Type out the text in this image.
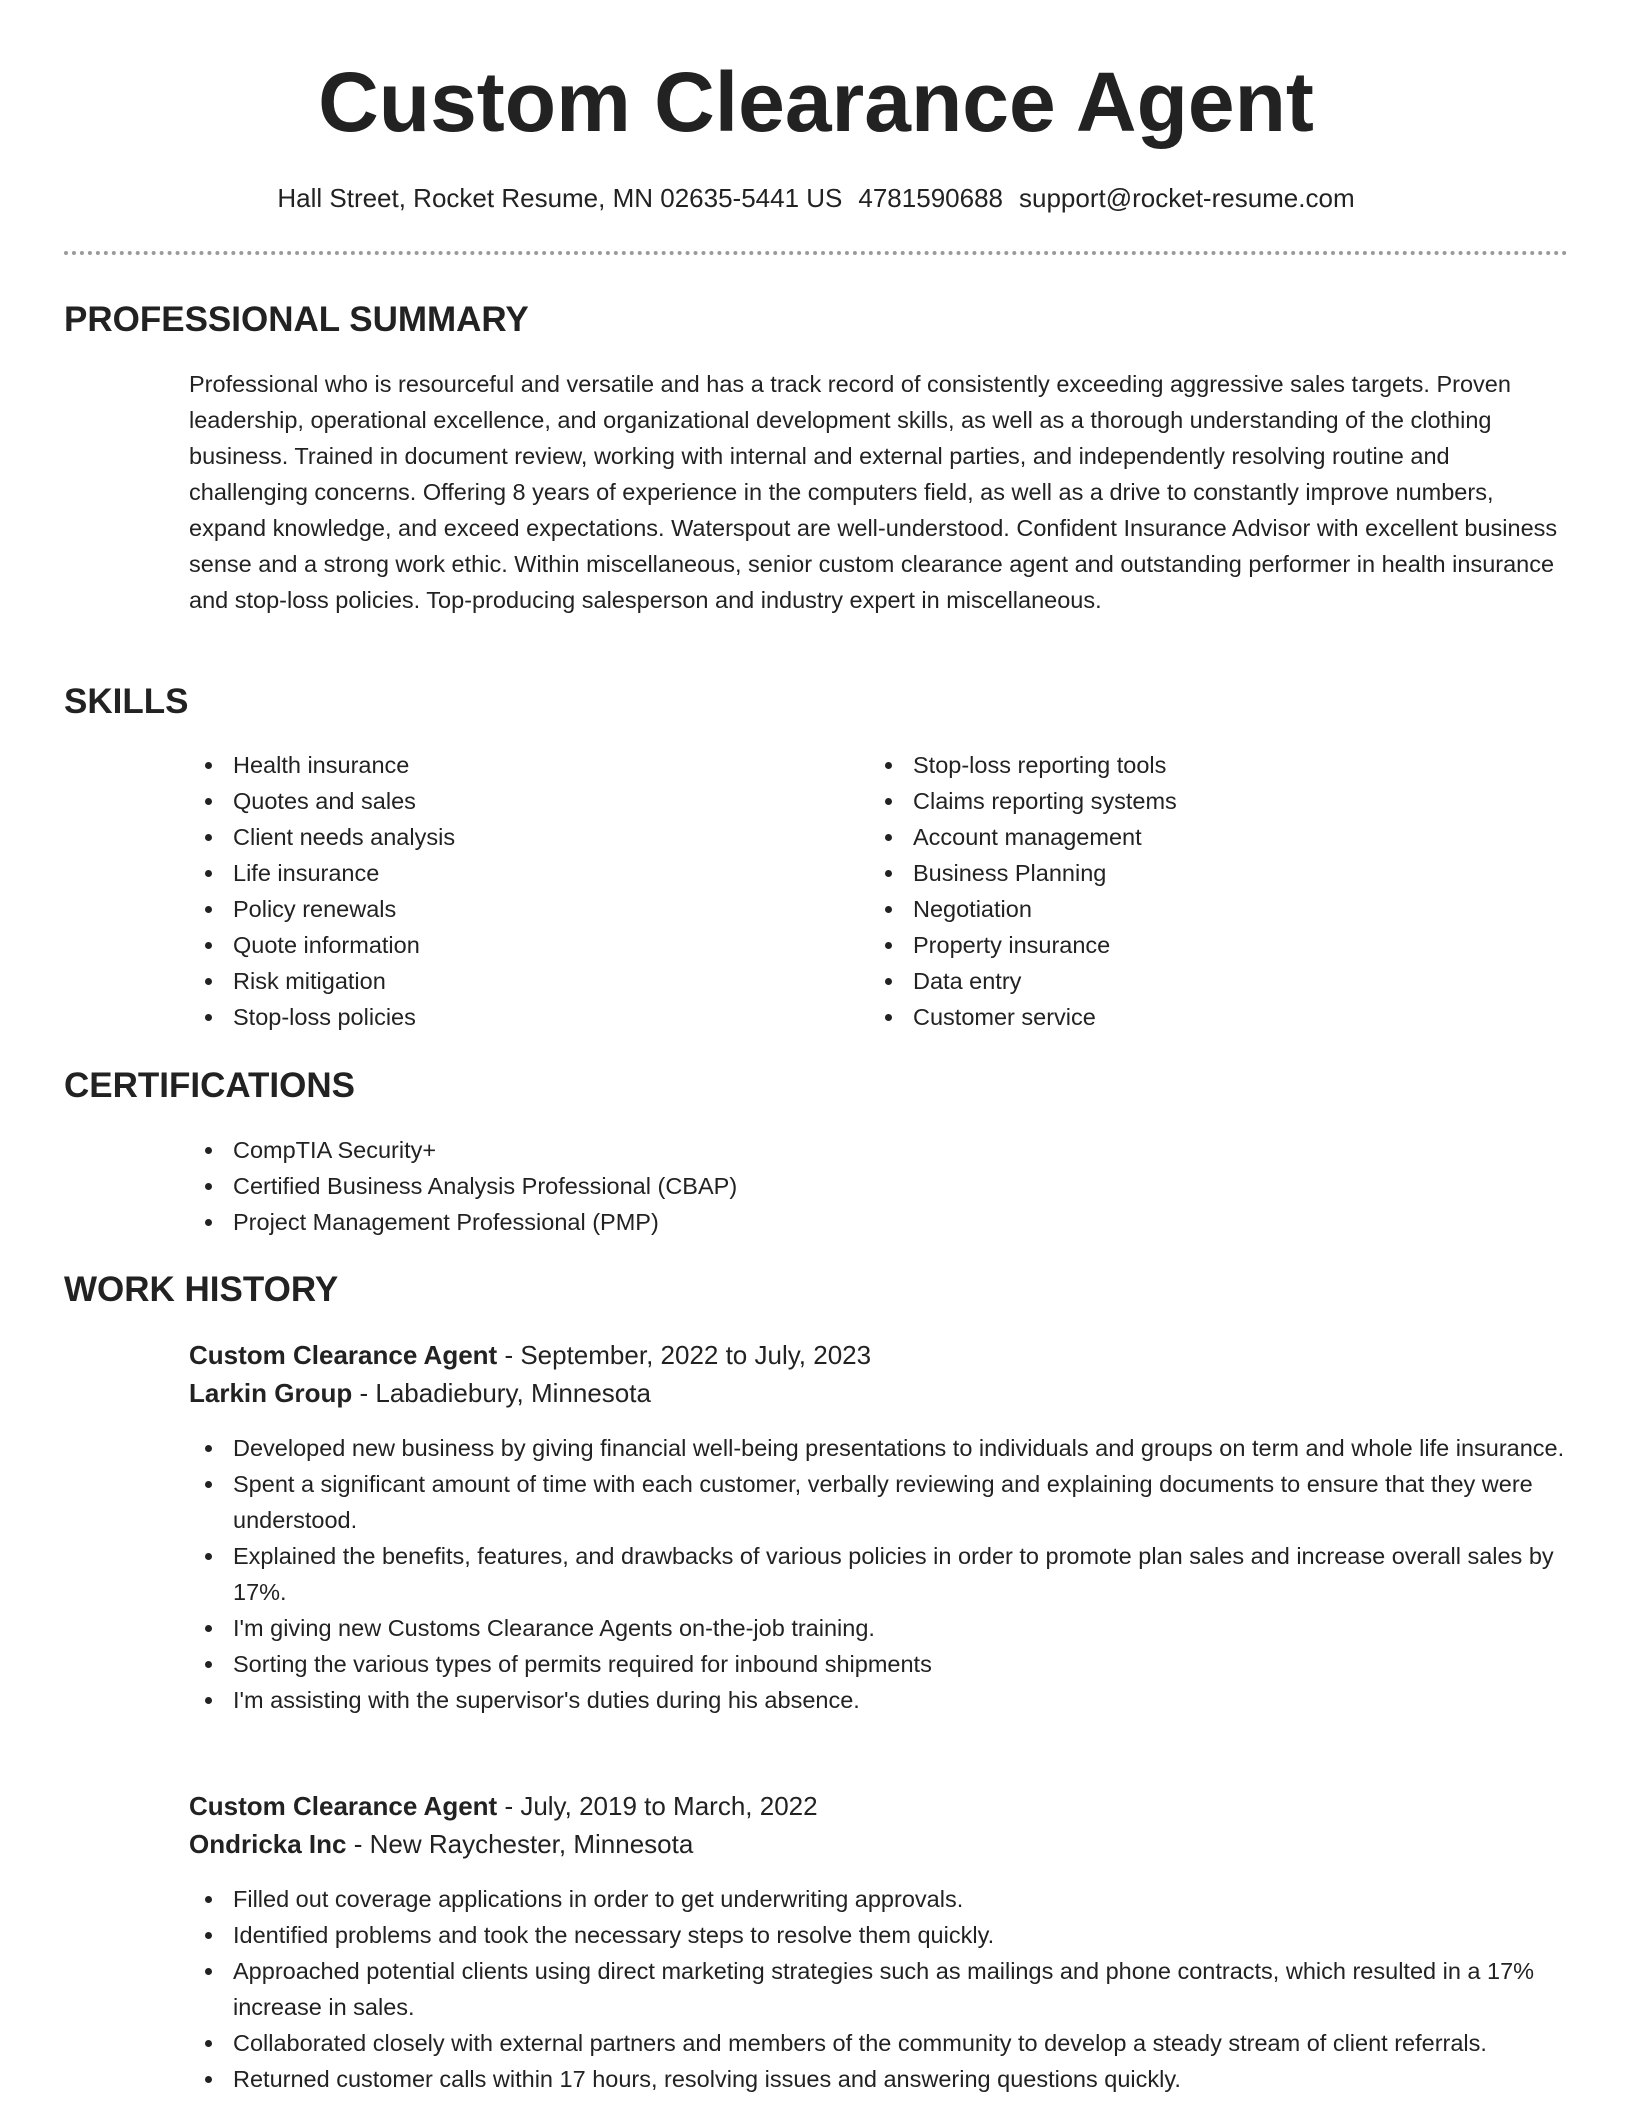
Custom Clearance Agent
Hall Street, Rocket Resume, MN 02635-5441 US 4781590688 support@rocket-resume.com
PROFESSIONAL SUMMARY

Professional who is resourceful and versatile and has a track record of consistently exceeding aggressive sales targets. Proven leadership, operational excellence, and organizational development skills, as well as a thorough understanding of the clothing business. Trained in document review, working with internal and external parties, and independently resolving routine and challenging concerns. Offering 8 years of experience in the computers field, as well as a drive to constantly improve numbers, expand knowledge, and exceed expectations. Waterspout are well-understood. Confident Insurance Advisor with excellent business sense and a strong work ethic. Within miscellaneous, senior custom clearance agent and outstanding performer in health insurance and stop-loss policies. Top-producing salesperson and industry expert in miscellaneous.

SKILLS
Health insurance
Quotes and sales
Client needs analysis
Life insurance
Policy renewals
Quote information
Risk mitigation
Stop-loss policies
Stop-loss reporting tools
Claims reporting systems
Account management
Business Planning
Negotiation
Property insurance
Data entry
Customer service
CERTIFICATIONS
CompTIA Security+
Certified Business Analysis Professional (CBAP)
Project Management Professional (PMP)
WORK HISTORY
Custom Clearance Agent - September, 2022 to July, 2023
Larkin Group - Labadiebury, Minnesota
Developed new business by giving financial well-being presentations to individuals and groups on term and whole life insurance.
Spent a significant amount of time with each customer, verbally reviewing and explaining documents to ensure that they were understood.
Explained the benefits, features, and drawbacks of various policies in order to promote plan sales and increase overall sales by 17%.
I'm giving new Customs Clearance Agents on-the-job training.
Sorting the various types of permits required for inbound shipments
I'm assisting with the supervisor's duties during his absence.
Custom Clearance Agent - July, 2019 to March, 2022
Ondricka Inc - New Raychester, Minnesota
Filled out coverage applications in order to get underwriting approvals.
Identified problems and took the necessary steps to resolve them quickly.
Approached potential clients using direct marketing strategies such as mailings and phone contracts, which resulted in a 17% increase in sales.
Collaborated closely with external partners and members of the community to develop a steady stream of client referrals.
Returned customer calls within 17 hours, resolving issues and answering questions quickly.
